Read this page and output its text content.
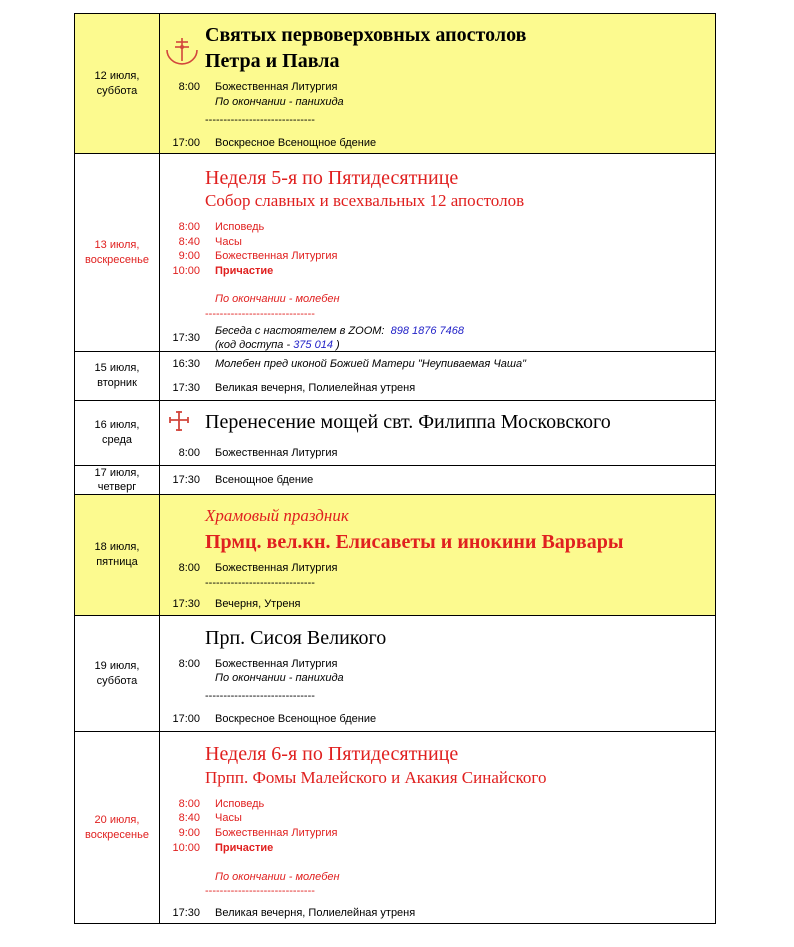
12 июля,
суббота
Святых первоверховных апостолов
Петра и Павла
8:00 Божественная Литургия
По окончании - панихида
------------------------------
17:00 Воскресное Всенощное бдение
13 июля,
воскресенье
Неделя 5-я по Пятидесятнице
Собор славных и всехвальных 12 апостолов
8:00 Исповедь
8:40 Часы
9:00 Божественная Литургия
10:00 Причастие
По окончании - молебен
------------------------------
17:30
Беседа с настоятелем в ZOOM: 898 1876 7468
(код доступа - 375 014 )
15 июля,
вторник
16:30 Молебен пред иконой Божией Матери "Неупиваемая Чаша"
17:30 Великая вечерня, Полиелейная утреня
16 июля,
среда
Перенесение мощей свт. Филиппа Московского
8:00 Божественная Литургия
17 июля,
четверг
17:30 Всенощное бдение
18 июля,
пятница
Храмовый праздник
Прмц. вел.кн. Елисаветы и инокини Варвары
8:00 Божественная Литургия
------------------------------
17:30 Вечерня, Утреня
19 июля,
суббота
Прп. Сисоя Великого
8:00 Божественная Литургия
По окончании - панихида
------------------------------
17:00 Воскресное Всенощное бдение
20 июля,
воскресенье
Неделя 6-я по Пятидесятнице
Прпп. Фомы Малейского и Акакия Синайского
8:00 Исповедь
8:40 Часы
9:00 Божественная Литургия
10:00 Причастие
По окончании - молебен
------------------------------
17:30 Великая вечерня, Полиелейная утреня
